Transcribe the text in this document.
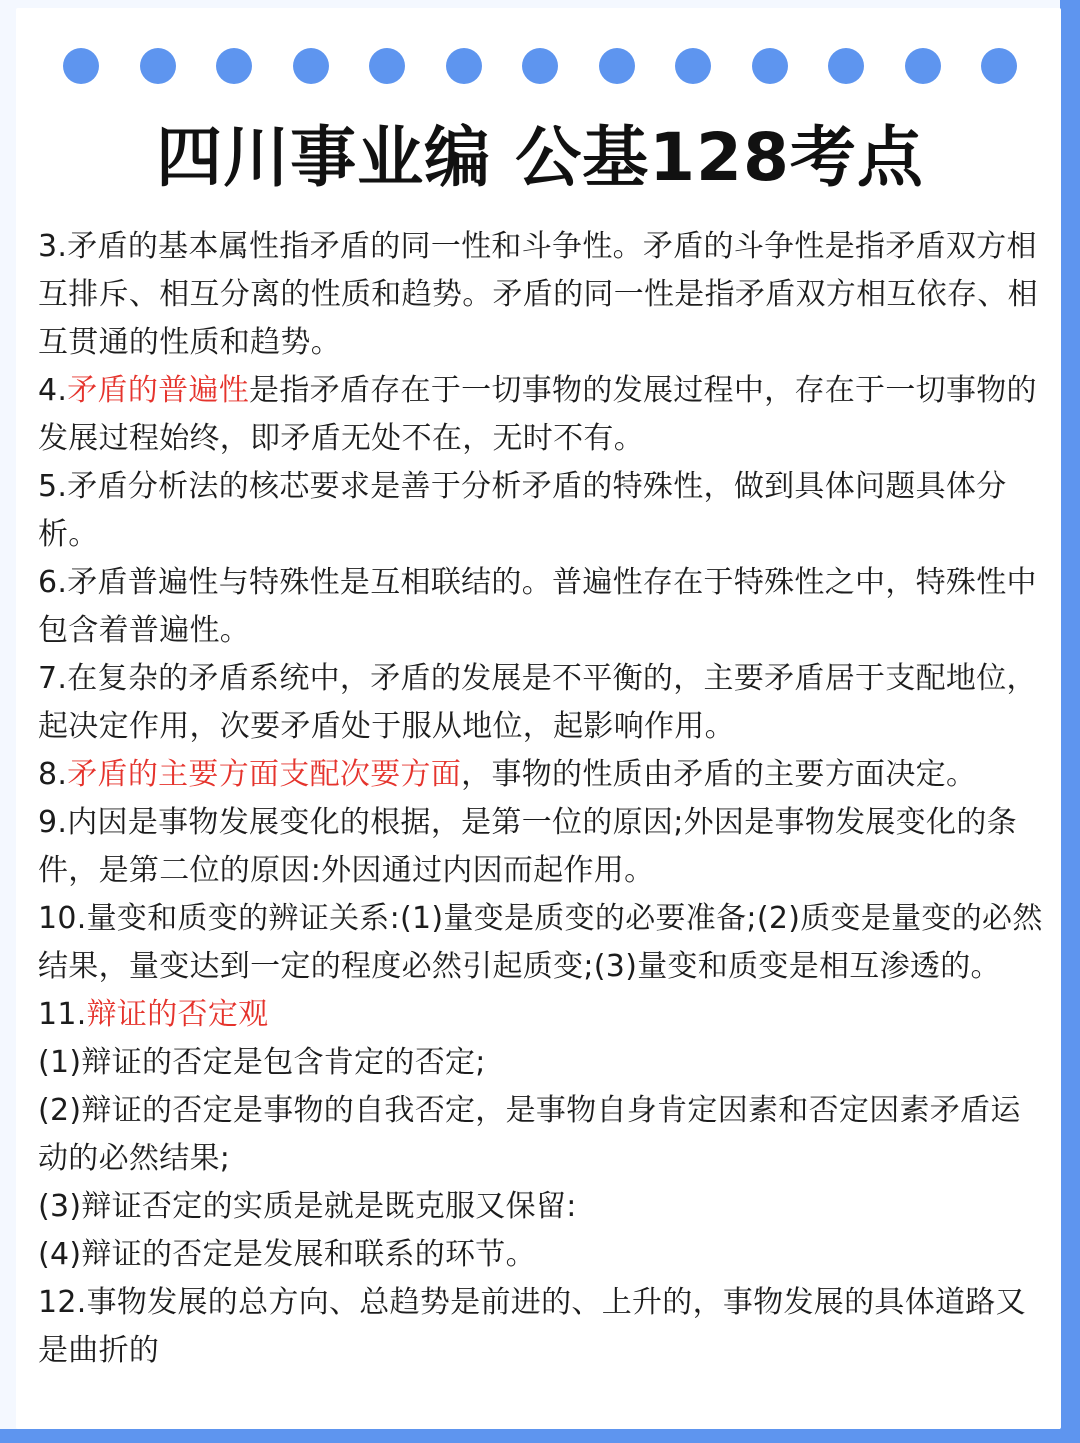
四川事业编 公基128考点

3.矛盾的基本属性指矛盾的同一性和斗争性。矛盾的斗争性是指矛盾双方相互排斥、相互分离的性质和趋势。矛盾的同一性是指矛盾双方相互依存、相互贯通的性质和趋势。

4.矛盾的普遍性是指矛盾存在于一切事物的发展过程中，存在于一切事物的发展过程始终，即矛盾无处不在，无时不有。

5.矛盾分析法的核芯要求是善于分析矛盾的特殊性，做到具体问题具体分析。

6.矛盾普遍性与特殊性是互相联结的。普遍性存在于特殊性之中，特殊性中包含着普遍性。

7.在复杂的矛盾系统中，矛盾的发展是不平衡的，主要矛盾居于支配地位，起决定作用，次要矛盾处于服从地位，起影响作用。

8.矛盾的主要方面支配次要方面，事物的性质由矛盾的主要方面决定。

9.内因是事物发展变化的根据，是第一位的原因;外因是事物发展变化的条件，是第二位的原因:外因通过内因而起作用。

10.量变和质变的辨证关系:(1)量变是质变的必要准备;(2)质变是量变的必然结果，量变达到一定的程度必然引起质变;(3)量变和质变是相互渗透的。

11.辩证的否定观

(1)辩证的否定是包含肯定的否定;

(2)辩证的否定是事物的自我否定，是事物自身肯定因素和否定因素矛盾运动的必然结果;

(3)辩证否定的实质是就是既克服又保留:

(4)辩证的否定是发展和联系的环节。

12.事物发展的总方向、总趋势是前进的、上升的，事物发展的具体道路又是曲折的
